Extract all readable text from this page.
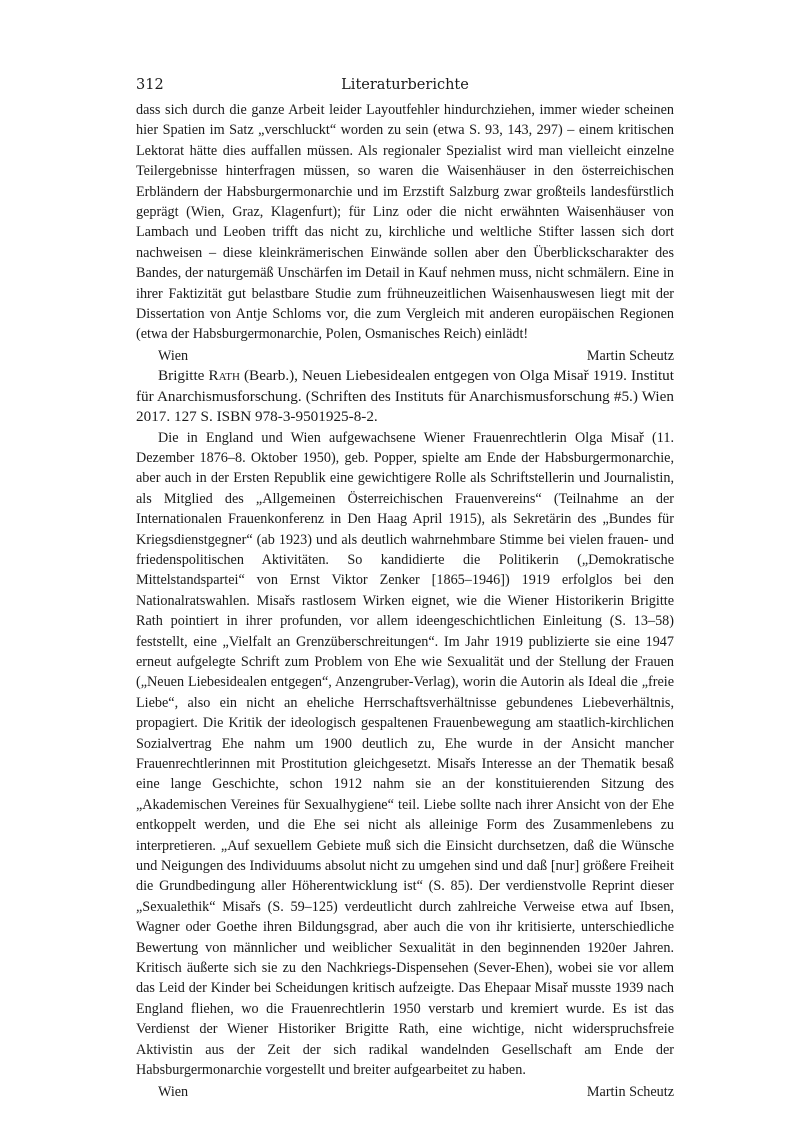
312	Literaturberichte

dass sich durch die ganze Arbeit leider Layoutfehler hindurchziehen, immer wieder scheinen hier Spatien im Satz „verschluckt“ worden zu sein (etwa S. 93, 143, 297) – einem kritischen Lektorat hätte dies auffallen müssen. Als regionaler Spezialist wird man vielleicht einzelne Teilergebnisse hinterfragen müssen, so waren die Waisenhäuser in den österreichischen Erbländern der Habsburgermonarchie und im Erzstift Salzburg zwar großteils landesfürstlich geprägt (Wien, Graz, Klagenfurt); für Linz oder die nicht erwähnten Waisenhäuser von Lambach und Leoben trifft das nicht zu, kirchliche und weltliche Stifter lassen sich dort nachweisen – diese kleinkrämerischen Einwände sollen aber den Überblickscharakter des Bandes, der naturgemäß Unschärfen im Detail in Kauf nehmen muss, nicht schmälern. Eine in ihrer Faktizität gut belastbare Studie zum frühneuzeitlichen Waisenhauswesen liegt mit der Dissertation von Antje Schloms vor, die zum Vergleich mit anderen europäischen Regionen (etwa der Habsburgermonarchie, Polen, Osmanisches Reich) einlädt!

Wien	Martin Scheutz

Brigitte Rath (Bearb.), Neuen Liebesidealen entgegen von Olga Misař 1919. Institut für Anarchismusforschung. (Schriften des Instituts für Anarchismusforschung #5.) Wien 2017. 127 S. ISBN 978-3-9501925-8-2.

Die in England und Wien aufgewachsene Wiener Frauenrechtlerin Olga Misař (11. Dezember 1876–8. Oktober 1950), geb. Popper, spielte am Ende der Habsburgermonarchie, aber auch in der Ersten Republik eine gewichtigere Rolle als Schriftstellerin und Journalistin, als Mitglied des „Allgemeinen Österreichischen Frauenvereins“ (Teilnahme an der Internationalen Frauenkonferenz in Den Haag April 1915), als Sekretärin des „Bundes für Kriegsdienstgegner“ (ab 1923) und als deutlich wahrnehmbare Stimme bei vielen frauen- und friedenspolitischen Aktivitäten. So kandidierte die Politikerin („Demokratische Mittelstandspartei“ von Ernst Viktor Zenker [1865–1946]) 1919 erfolglos bei den Nationalratswahlen. Misařs rastlosem Wirken eignet, wie die Wiener Historikerin Brigitte Rath pointiert in ihrer profunden, vor allem ideengeschichtlichen Einleitung (S. 13–58) feststellt, eine „Vielfalt an Grenzüberschreitungen“. Im Jahr 1919 publizierte sie eine 1947 erneut aufgelegte Schrift zum Problem von Ehe wie Sexualität und der Stellung der Frauen („Neuen Liebesidealen entgegen“, Anzengruber-Verlag), worin die Autorin als Ideal die „freie Liebe“, also ein nicht an eheliche Herrschaftsverhältnisse gebundenes Liebeverhältnis, propagiert. Die Kritik der ideologisch gespaltenen Frauenbewegung am staatlich-kirchlichen Sozialvertrag Ehe nahm um 1900 deutlich zu, Ehe wurde in der Ansicht mancher Frauenrechtlerinnen mit Prostitution gleichgesetzt. Misařs Interesse an der Thematik besaß eine lange Geschichte, schon 1912 nahm sie an der konstituierenden Sitzung des „Akademischen Vereines für Sexualhygiene“ teil. Liebe sollte nach ihrer Ansicht von der Ehe entkoppelt werden, und die Ehe sei nicht als alleinige Form des Zusammenlebens zu interpretieren. „Auf sexuellem Gebiete muß sich die Einsicht durchsetzen, daß die Wünsche und Neigungen des Individuums absolut nicht zu umgehen sind und daß [nur] größere Freiheit die Grundbedingung aller Höherentwicklung ist“ (S. 85). Der verdienstvolle Reprint dieser „Sexualethik“ Misařs (S. 59–125) verdeutlicht durch zahlreiche Verweise etwa auf Ibsen, Wagner oder Goethe ihren Bildungsgrad, aber auch die von ihr kritisierte, unterschiedliche Bewertung von männlicher und weiblicher Sexualität in den beginnenden 1920er Jahren. Kritisch äußerte sich sie zu den Nachkriegs-Dispensehen (Sever-Ehen), wobei sie vor allem das Leid der Kinder bei Scheidungen kritisch aufzeigte. Das Ehepaar Misař musste 1939 nach England fliehen, wo die Frauenrechtlerin 1950 verstarb und kremiert wurde. Es ist das Verdienst der Wiener Historiker Brigitte Rath, eine wichtige, nicht widerspruchsfreie Aktivistin aus der Zeit der sich radikal wandelnden Gesellschaft am Ende der Habsburgermonarchie vorgestellt und breiter aufgearbeitet zu haben.

Wien	Martin Scheutz
